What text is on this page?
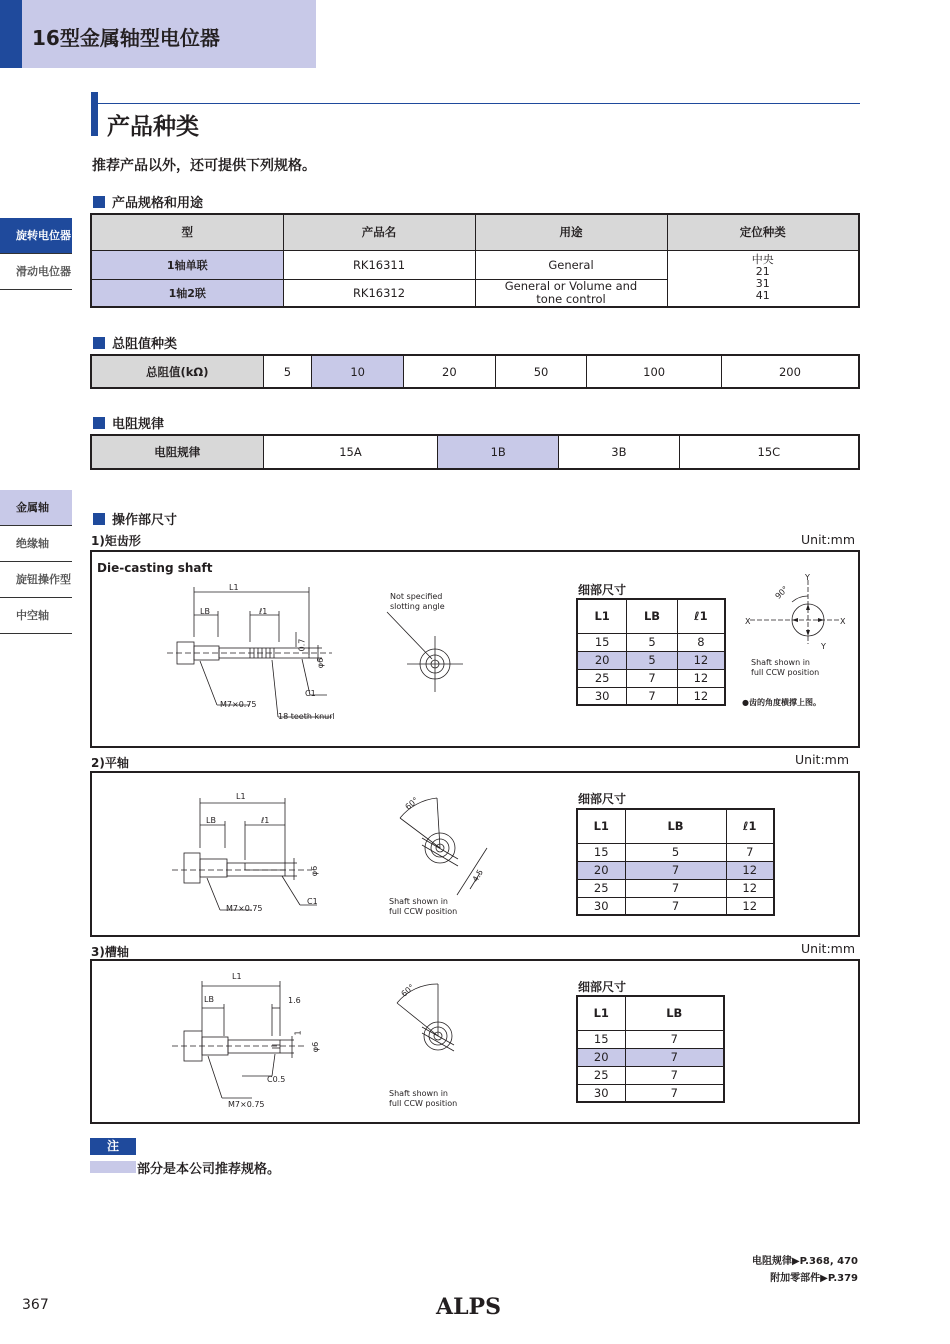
16型金属轴型电位器
产品种类
推荐产品以外，还可提供下列规格。
旋转电位器
滑动电位器
金属轴
绝缘轴
旋钮操作型
中空轴
产品规格和用途
型	产品名	用途	定位种类
1轴单联	RK16311	General	中央
21
31
41

1轴2联	RK16312	General or Volume and tone control	
总阻值种类
总阻值(kΩ)	5	10	20	50	100	200
电阻规律
电阻规律	15A	1B	3B	15C
操作部尺寸
1)矩齿形	Unit:mm
Die-casting shaft
L1
LB	ℓ1
0.7
φ6
C1
M7×0.75
18 teeth knurl
Not specified
slotting angle
细部尺寸
L1	LB	ℓ1
15	5	8
20	5	12
25	7	12
30	7	12
Y
X	X
Y
90°
Shaft shown in
full CCW position
●齿的角度横撑上图。
2)平轴	Unit:mm
L1
LB	ℓ1
φ6
C1
M7×0.75
60°
4.5
Shaft shown in
full CCW position
细部尺寸
L1	LB	ℓ1
15	5	7
20	7	12
25	7	12
30	7	12
3)槽轴	Unit:mm
L1
LB	1.6
1
φ6
C0.5
M7×0.75
60°
Shaft shown in
full CCW position
细部尺寸
L1	LB
15	7
20	7
25	7
30	7
注
部分是本公司推荐规格。
电阻规律▶P.368, 470
附加零部件▶P.379
367	ALPS
